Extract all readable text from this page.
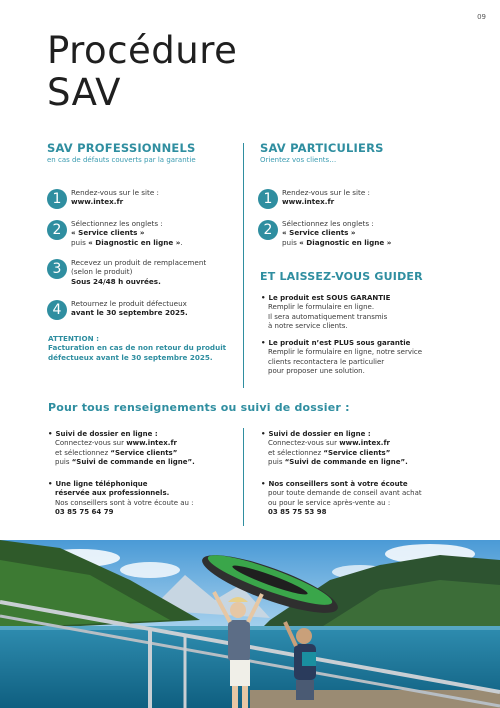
09
Procédure
SAV
SAV PROFESSIONNELS
en cas de défauts couverts par la garantie
1	Rendez-vous sur le site :
www.intex.fr
2	Sélectionnez les onglets :
« Service clients »
puis « Diagnostic en ligne ».
3	Recevez un produit de remplacement
(selon le produit)
Sous 24/48 h ouvrées.
4	Retournez le produit défectueux
avant le 30 septembre 2025.
ATTENTION :
Facturation en cas de non retour du produit
défectueux avant le 30 septembre 2025.
SAV PARTICULIERS
Orientez vos clients…
1	Rendez-vous sur le site :
www.intex.fr
2	Sélectionnez les onglets :
« Service clients »
puis « Diagnostic en ligne »
ET LAISSEZ-VOUS GUIDER
• Le produit est SOUS GARANTIE
Remplir le formulaire en ligne.
Il sera automatiquement transmis
à notre service clients.
• Le produit n’est PLUS sous garantie
Remplir le formulaire en ligne, notre service
clients recontactera le particulier
pour proposer une solution.
Pour tous renseignements ou suivi de dossier :
• Suivi de dossier en ligne :
Connectez-vous sur www.intex.fr
et sélectionnez “Service clients”
puis “Suivi de commande en ligne”.
• Une ligne téléphonique
réservée aux professionnels.
Nos conseillers sont à votre écoute au :
03 85 75 64 79
• Suivi de dossier en ligne :
Connectez-vous sur www.intex.fr
et sélectionnez “Service clients”
puis “Suivi de commande en ligne”.
• Nos conseillers sont à votre écoute
pour toute demande de conseil avant achat
ou pour le service après-vente au :
03 85 75 53 98
